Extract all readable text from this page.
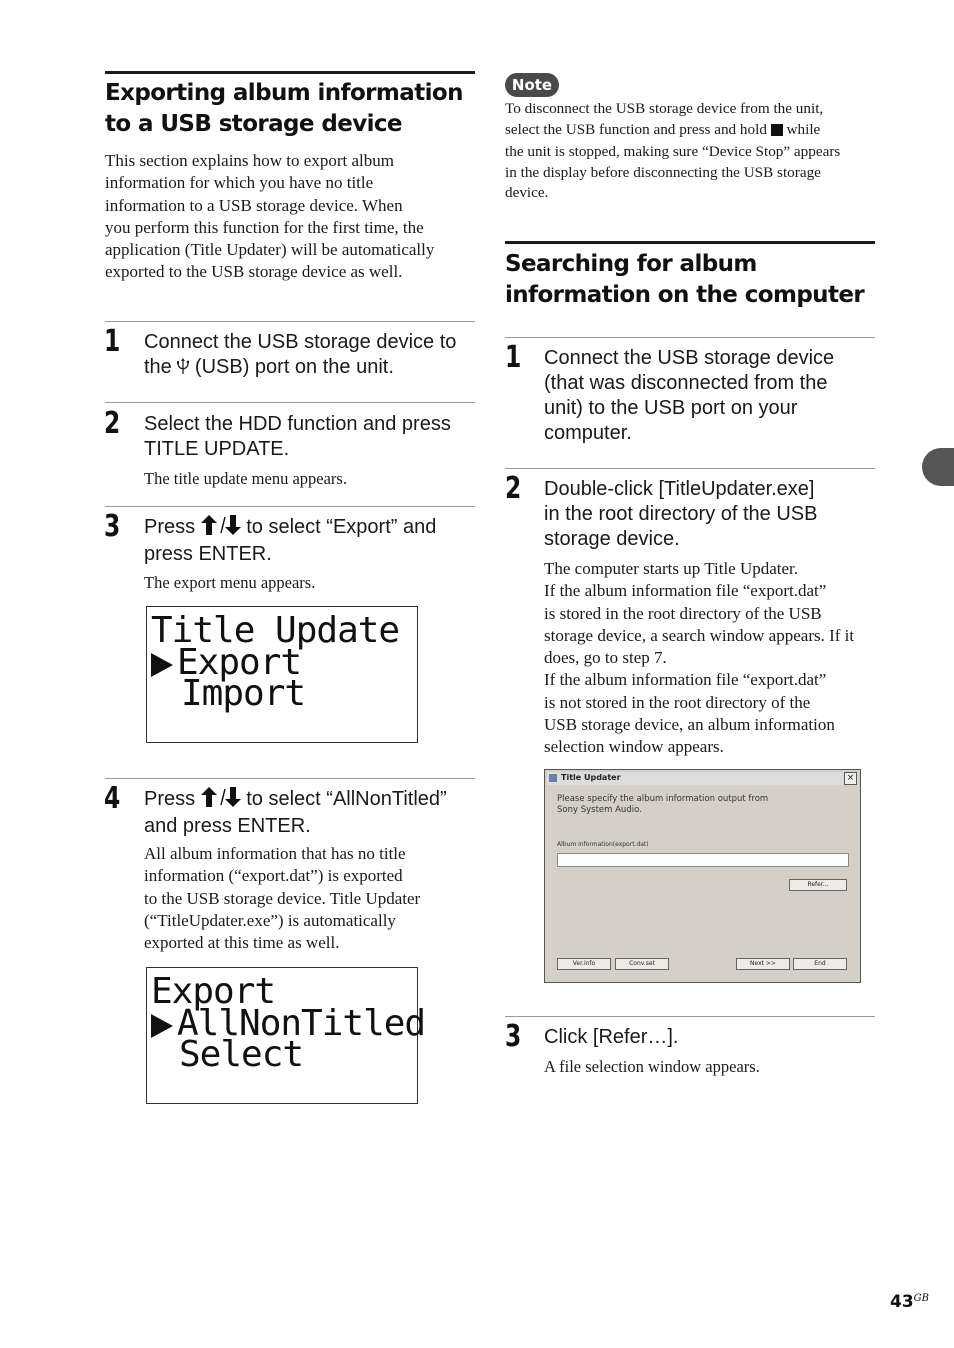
Exporting album information
to a USB storage device
This section explains how to export album
information for which you have no title
information to a USB storage device. When
you perform this function for the first time, the
application (Title Updater) will be automatically
exported to the USB storage device as well.
1 Connect the USB storage device to
the  (USB) port on the unit.
2 Select the HDD function and press
TITLE UPDATE.
The title update menu appears.
3 Press  to select “Export” and
press ENTER.
The export menu appears.
Title Update
Export
Import
4 Press  to select “AllNonTitled”
and press ENTER.
All album information that has no title
information (“export.dat”) is exported
to the USB storage device. Title Updater
(“TitleUpdater.exe”) is automatically
exported at this time as well.
Export
AllNonTitled
Select
Note
To disconnect the USB storage device from the unit,
select the USB function and press and hold  while
the unit is stopped, making sure “Device Stop” appears
in the display before disconnecting the USB storage
device.
Searching for album
information on the computer
1 Connect the USB storage device
(that was disconnected from the
unit) to the USB port on your
computer.
2 Double-click [TitleUpdater.exe]
in the root directory of the USB
storage device.
The computer starts up Title Updater.
If the album information file “export.dat”
is stored in the root directory of the USB
storage device, a search window appears. If it
does, go to step 7.
If the album information file “export.dat”
is not stored in the root directory of the
USB storage device, an album information
selection window appears.
Title Updater	×
Please specify the album information output from
Sony System Audio.
Album information(export.dat)
Refer...
Ver.info	Conv.set	Next >>	End
3 Click [Refer…].
A file selection window appears.
$43^{GB}$
